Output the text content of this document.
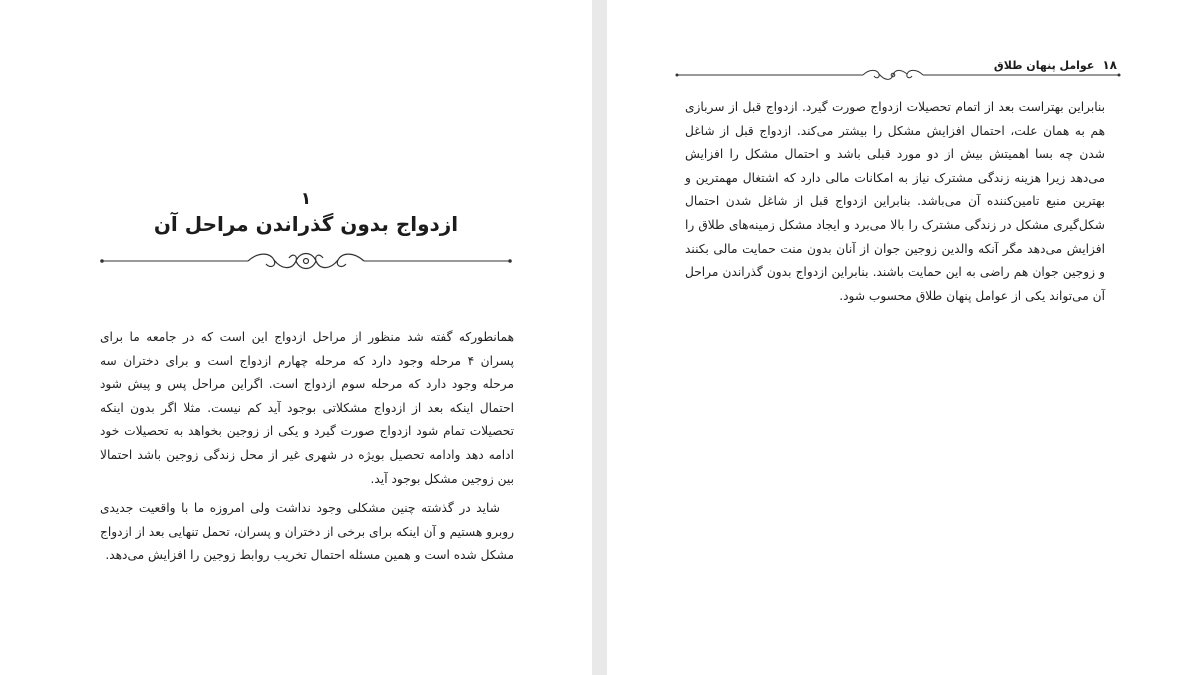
۱
ازدواج بدون گذراندن مراحل آن

همانطورکه گفته شد منظور از مراحل ازدواج این است که در جامعه ما برای پسران ۴ مرحله وجود دارد که مرحله چهارم ازدواج است و برای دختران سه مرحله وجود دارد که مرحله سوم ازدواج است. اگراین مراحل پس و پیش شود احتمال اینکه بعد از ازدواج مشکلاتی بوجود آید کم نیست. مثلا اگر بدون اینکه تحصیلات تمام شود ازدواج صورت گیرد و یکی از زوجین بخواهد به تحصیلات خود ادامه دهد وادامه تحصیل بویژه در شهری غیر از محل زندگی زوجین باشد احتمالا بین زوجین مشکل بوجود آید.

شاید در گذشته چنین مشکلی وجود نداشت ولی امروزه ما با واقعیت جدیدی روبرو هستیم و آن اینکه برای برخی از دختران و پسران، تحمل تنهایی بعد از ازدواج مشکل شده است و همین مسئله احتمال تخریب روابط زوجین را افزایش می‌دهد.

۱۸
عوامل پنهان طلاق

بنابراین بهتراست بعد از اتمام تحصیلات ازدواج صورت گیرد. ازدواج قبل از سربازی هم به همان علت، احتمال افزایش مشکل را بیشتر می‌کند. ازدواج قبل از شاغل شدن چه بسا اهمیتش بیش از دو مورد قبلی باشد و احتمال مشکل را افزایش می‌دهد زیرا هزینه زندگی مشترک نیاز به امکانات مالی دارد که اشتغال مهمترین و بهترین منبع تامین‌کننده آن می‌باشد. بنابراین ازدواج قبل از شاغل شدن احتمال شکل‌گیری مشکل در زندگی مشترک را بالا می‌برد و ایجاد مشکل زمینه‌های طلاق را افزایش می‌دهد مگر آنکه والدین زوجین جوان از آنان بدون منت حمایت مالی بکنند و زوجین جوان هم راضی به این حمایت باشند. بنابراین ازدواج بدون گذراندن مراحل آن می‌تواند یکی از عوامل پنهان طلاق محسوب شود.
